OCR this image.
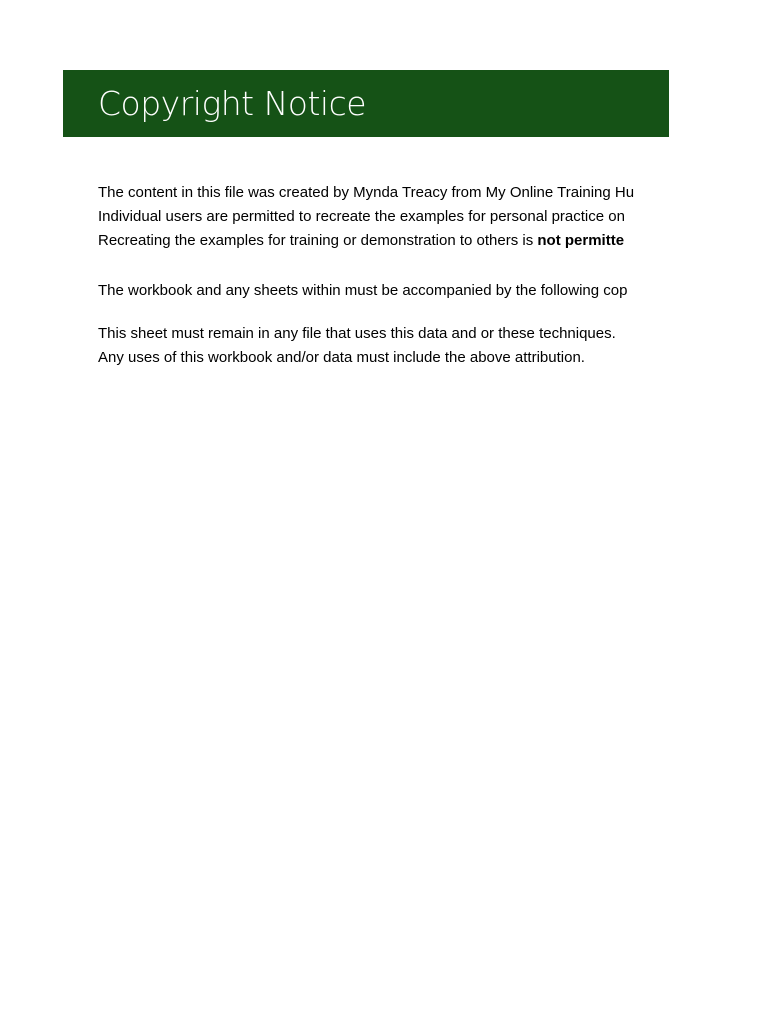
Copyright Notice

The content in this file was created by Mynda Treacy from My Online Training Hu

Individual users are permitted to recreate the examples for personal practice on

Recreating the examples for training or demonstration to others is not permitte

The workbook and any sheets within must be accompanied by the following cop

This sheet must remain in any file that uses this data and or these techniques.

Any uses of this workbook and/or data must include the above attribution.
